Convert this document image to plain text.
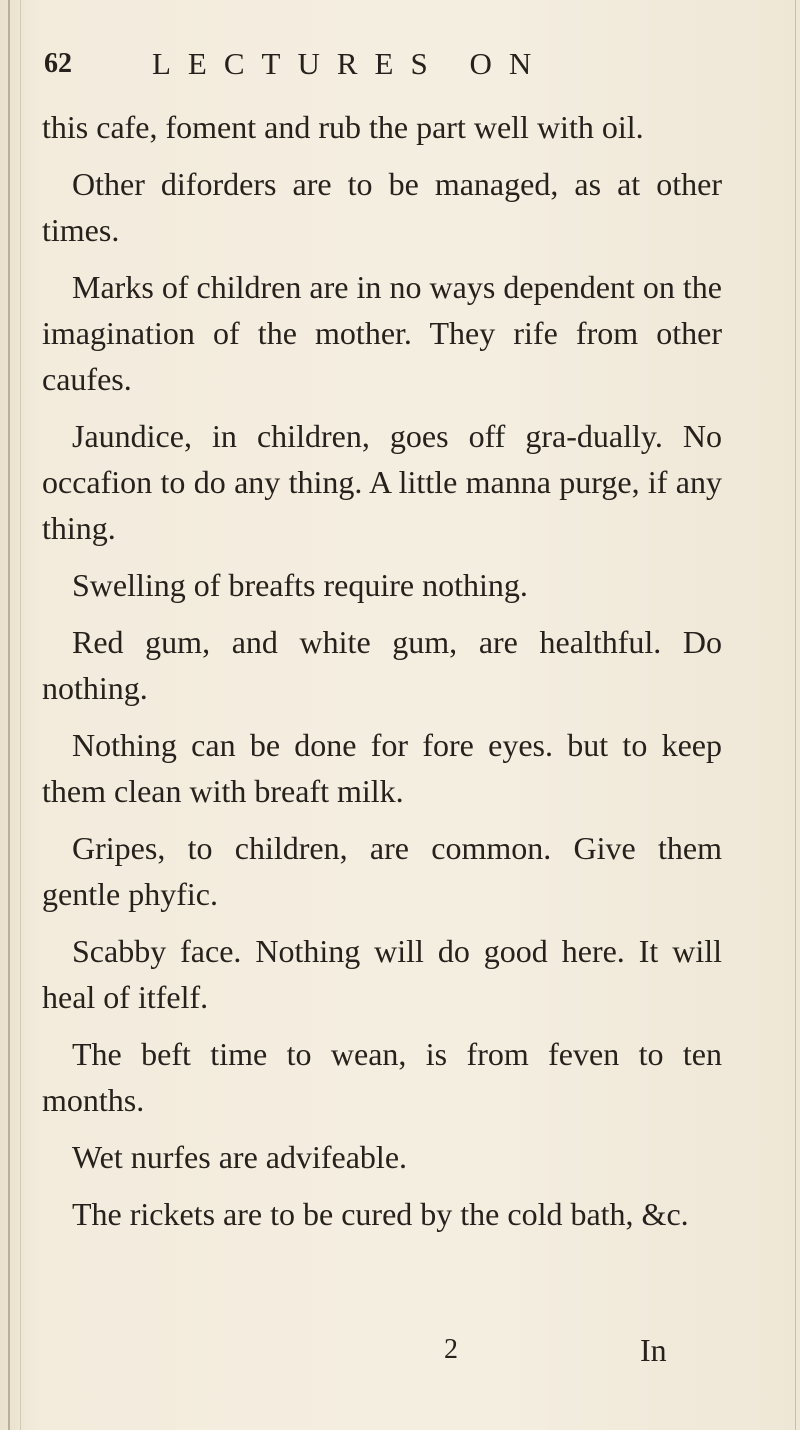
62	LECTURES ON

this cafe, foment and rub the part well with oil.

Other diforders are to be managed, as at other times.

Marks of children are in no ways dependent on the imagination of the mother. They rife from other caufes.

Jaundice, in children, goes off gra-dually. No occafion to do any thing. A little manna purge, if any thing.

Swelling of breafts require nothing.

Red gum, and white gum, are healthful. Do nothing.

Nothing can be done for fore eyes. but to keep them clean with breaft milk.

Gripes, to children, are common. Give them gentle phyfic.

Scabby face. Nothing will do good here. It will heal of itfelf.

The beft time to wean, is from feven to ten months.

Wet nurfes are advifeable.

The rickets are to be cured by the cold bath, &c.

2	In
